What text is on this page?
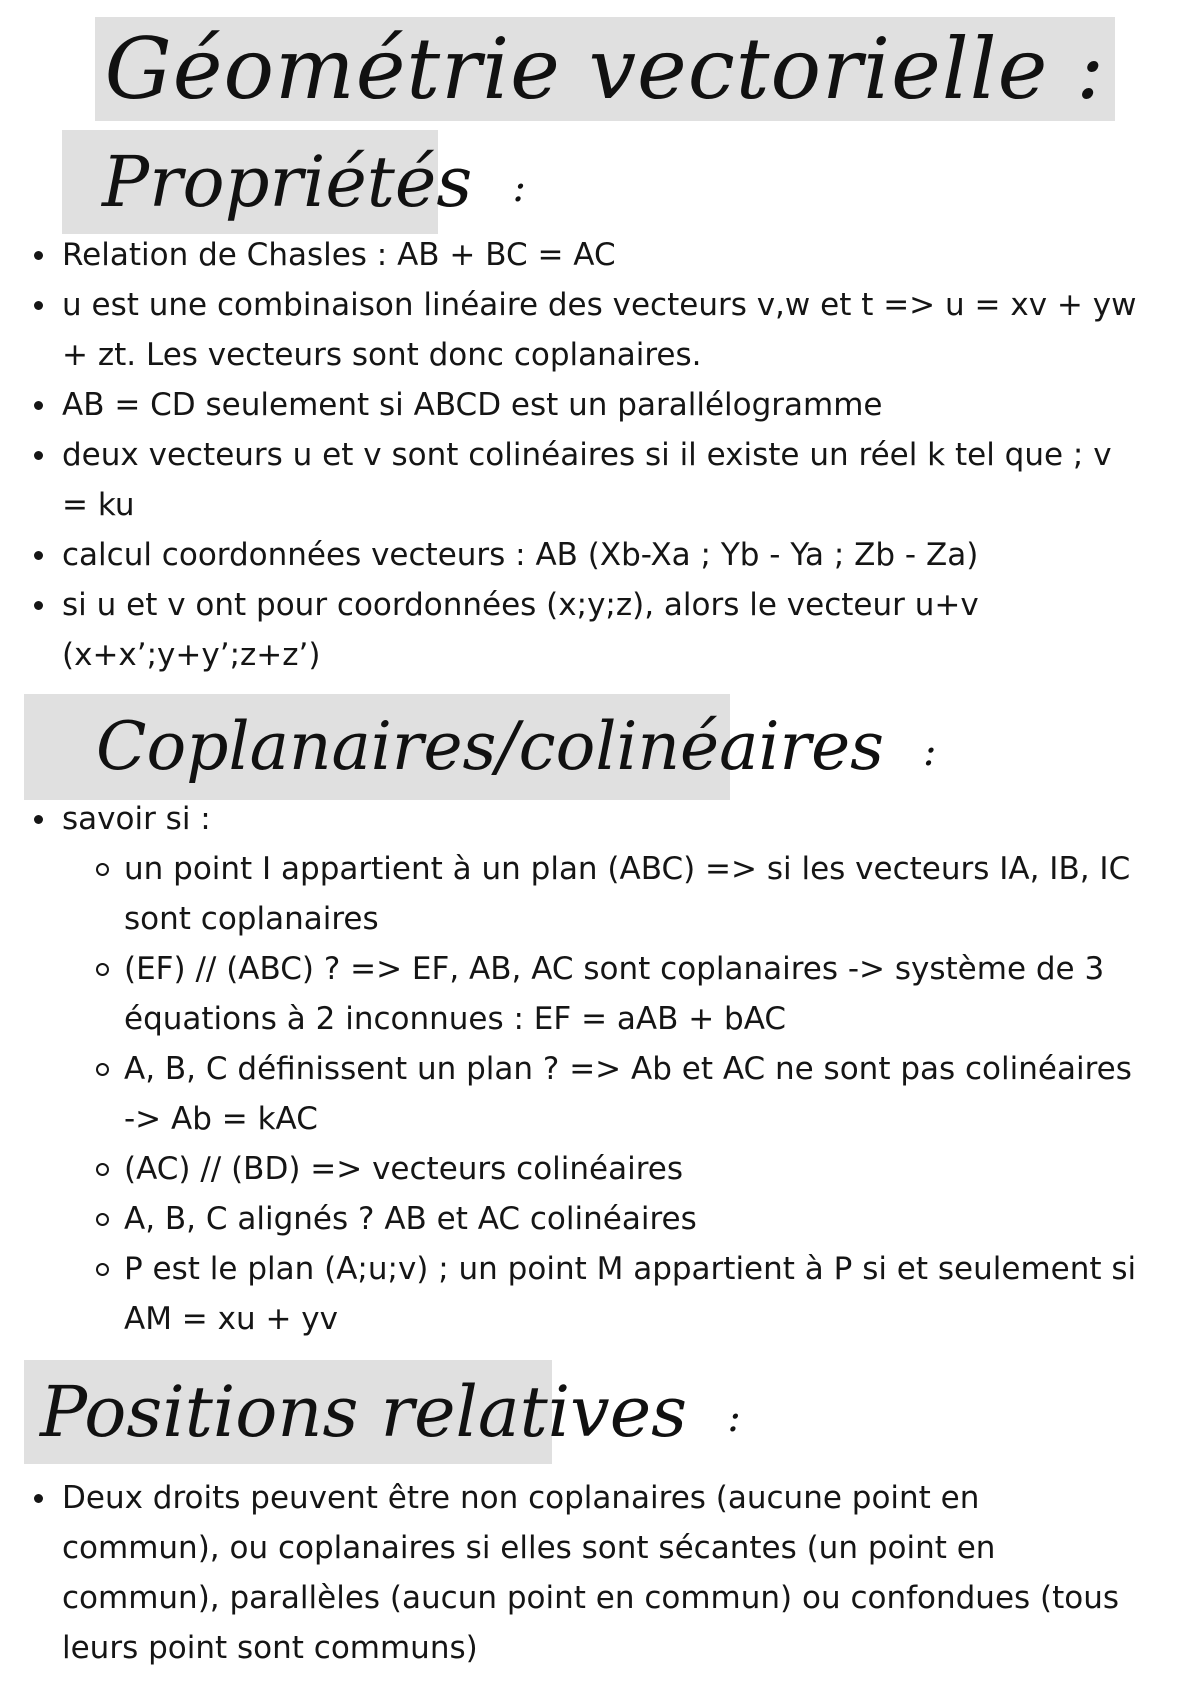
Géométrie vectorielle :
Propriétés :
Relation de Chasles : AB + BC = AC
u est une combinaison linéaire des vecteurs v,w et t => u = xv + yw + zt. Les vecteurs sont donc coplanaires.
AB = CD seulement si ABCD est un parallélogramme
deux vecteurs u et v sont colinéaires si il existe un réel k tel que ; v = ku
calcul coordonnées vecteurs : AB (Xb-Xa ; Yb - Ya ; Zb - Za)
si u et v ont pour coordonnées (x;y;z), alors le vecteur u+v (x+x’;y+y’;z+z’)
Coplanaires/colinéaires :
savoir si :
un point I appartient à un plan (ABC) => si les vecteurs IA, IB, IC sont coplanaires
(EF) // (ABC) ? => EF, AB, AC sont coplanaires -> système de 3 équations à 2 inconnues : EF = aAB + bAC
A, B, C définissent un plan ? => Ab et AC ne sont pas colinéaires -> Ab = kAC
(AC) // (BD) => vecteurs colinéaires
A, B, C alignés ? AB et AC colinéaires
P est le plan (A;u;v) ; un point M appartient à P si et seulement si AM = xu + yv
Positions relatives :
Deux droits peuvent être non coplanaires (aucune point en commun), ou coplanaires si elles sont sécantes (un point en commun), parallèles (aucun point en commun) ou confondues (tous leurs point sont communs)
